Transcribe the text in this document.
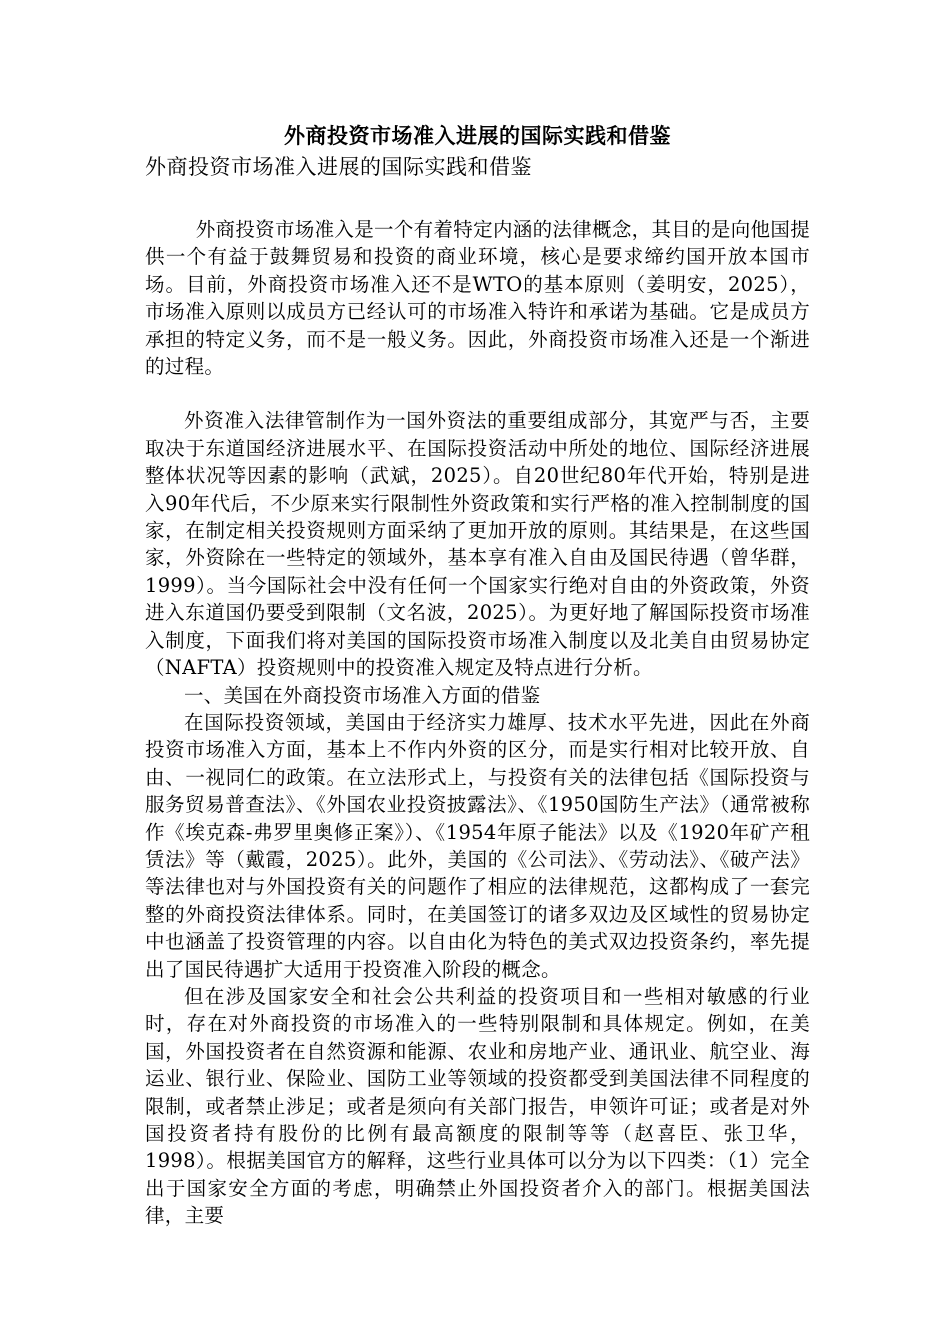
外商投资市场准入进展的国际实践和借鉴
外商投资市场准入进展的国际实践和借鉴

外商投资市场准入是一个有着特定内涵的法律概念，其目的是向他国提供一个有益于鼓舞贸易和投资的商业环境，核心是要求缔约国开放本国市场。目前，外商投资市场准入还不是WTO的基本原则（姜明安，2025），市场准入原则以成员方已经认可的市场准入特许和承诺为基础。它是成员方承担的特定义务，而不是一般义务。因此，外商投资市场准入还是一个渐进的过程。

外资准入法律管制作为一国外资法的重要组成部分，其宽严与否，主要取决于东道国经济进展水平、在国际投资活动中所处的地位、国际经济进展整体状况等因素的影响（武斌，2025）。自20世纪80年代开始，特别是进入90年代后，不少原来实行限制性外资政策和实行严格的准入控制制度的国家，在制定相关投资规则方面采纳了更加开放的原则。其结果是，在这些国家，外资除在一些特定的领域外，基本享有准入自由及国民待遇（曾华群，1999）。当今国际社会中没有任何一个国家实行绝对自由的外资政策，外资进入东道国仍要受到限制（文名波，2025）。为更好地了解国际投资市场准入制度，下面我们将对美国的国际投资市场准入制度以及北美自由贸易协定（NAFTA）投资规则中的投资准入规定及特点进行分析。

一、美国在外商投资市场准入方面的借鉴

在国际投资领域，美国由于经济实力雄厚、技术水平先进，因此在外商投资市场准入方面，基本上不作内外资的区分，而是实行相对比较开放、自由、一视同仁的政策。在立法形式上，与投资有关的法律包括《国际投资与服务贸易普查法》、《外国农业投资披露法》、《1950国防生产法》（通常被称作《埃克森-弗罗里奥修正案》）、《1954年原子能法》以及《1920年矿产租赁法》等（戴霞，2025）。此外，美国的《公司法》、《劳动法》、《破产法》等法律也对与外国投资有关的问题作了相应的法律规范，这都构成了一套完整的外商投资法律体系。同时，在美国签订的诸多双边及区域性的贸易协定中也涵盖了投资管理的内容。以自由化为特色的美式双边投资条约，率先提出了国民待遇扩大适用于投资准入阶段的概念。

但在涉及国家安全和社会公共利益的投资项目和一些相对敏感的行业时，存在对外商投资的市场准入的一些特别限制和具体规定。例如，在美国，外国投资者在自然资源和能源、农业和房地产业、通讯业、航空业、海运业、银行业、保险业、国防工业等领域的投资都受到美国法律不同程度的限制，或者禁止涉足；或者是须向有关部门报告，申领许可证；或者是对外国投资者持有股份的比例有最高额度的限制等等（赵喜臣、张卫华，1998）。根据美国官方的解释，这些行业具体可以分为以下四类：（1）完全出于国家安全方面的考虑，明确禁止外国投资者介入的部门。根据美国法律，主要
